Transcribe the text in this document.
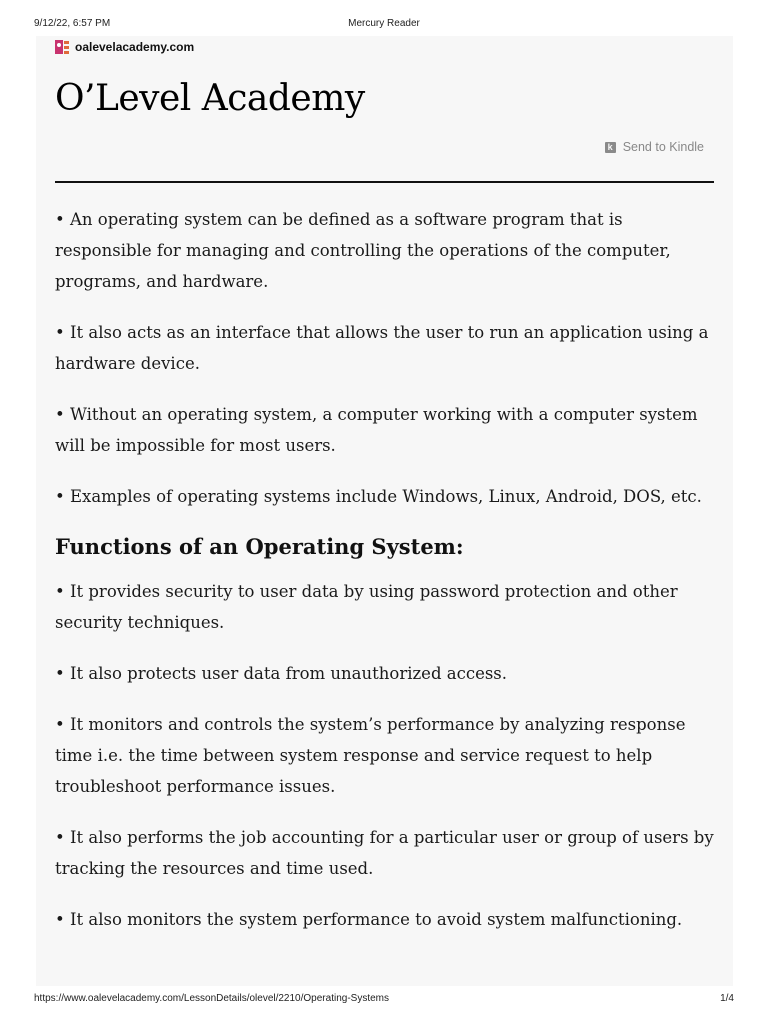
9/12/22, 6:57 PM	Mercury Reader
oalevelacademy.com
O’Level Academy
k Send to Kindle

• An operating system can be defined as a software program that is responsible for managing and controlling the operations of the computer, programs, and hardware.

• It also acts as an interface that allows the user to run an application using a hardware device.

• Without an operating system, a computer working with a computer system will be impossible for most users.

• Examples of operating systems include Windows, Linux, Android, DOS, etc.

Functions of an Operating System:

• It provides security to user data by using password protection and other security techniques.

• It also protects user data from unauthorized access.

• It monitors and controls the system’s performance by analyzing response time i.e. the time between system response and service request to help troubleshoot performance issues.

• It also performs the job accounting for a particular user or group of users by tracking the resources and time used.

• It also monitors the system performance to avoid system malfunctioning.

https://www.oalevelacademy.com/LessonDetails/olevel/2210/Operating-Systems	1/4
